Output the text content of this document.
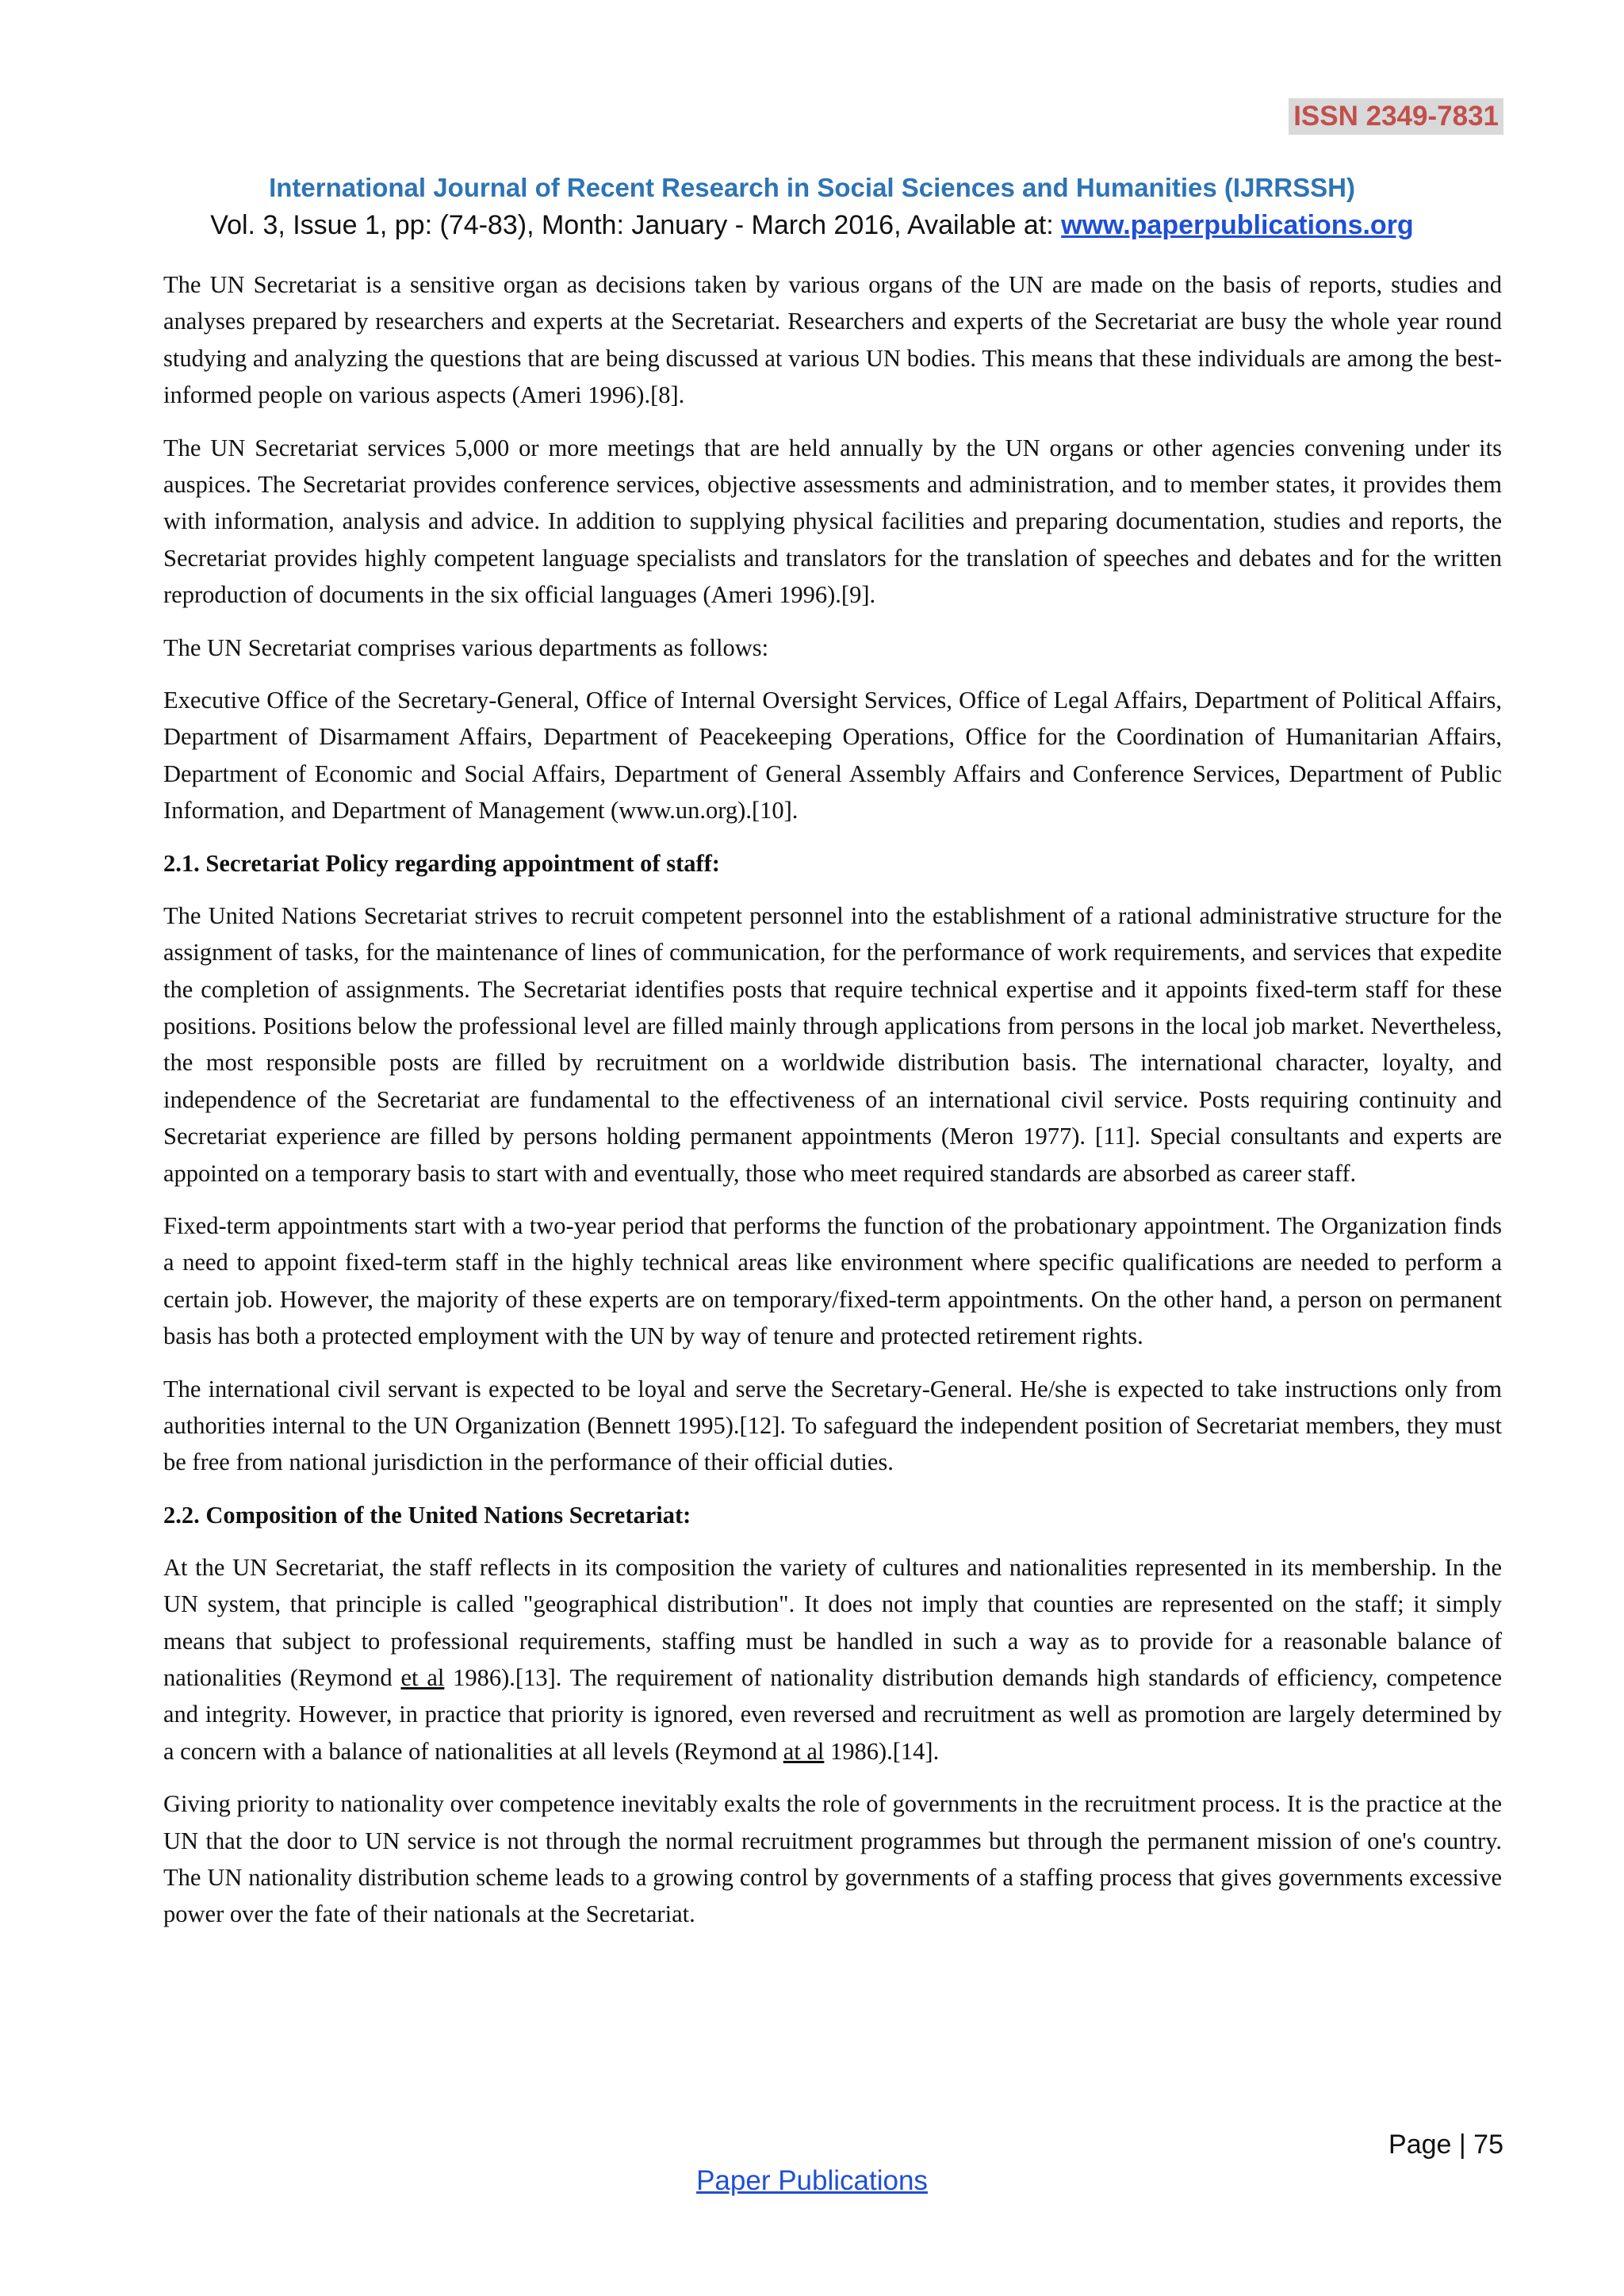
ISSN 2349-7831
International Journal of Recent Research in Social Sciences and Humanities (IJRRSSH)
Vol. 3, Issue 1, pp: (74-83), Month: January - March 2016, Available at: www.paperpublications.org

The UN Secretariat is a sensitive organ as decisions taken by various organs of the UN are made on the basis of reports, studies and analyses prepared by researchers and experts at the Secretariat. Researchers and experts of the Secretariat are busy the whole year round studying and analyzing the questions that are being discussed at various UN bodies. This means that these individuals are among the best-informed people on various aspects (Ameri 1996).[8].

The UN Secretariat services 5,000 or more meetings that are held annually by the UN organs or other agencies convening under its auspices. The Secretariat provides conference services, objective assessments and administration, and to member states, it provides them with information, analysis and advice. In addition to supplying physical facilities and preparing documentation, studies and reports, the Secretariat provides highly competent language specialists and translators for the translation of speeches and debates and for the written reproduction of documents in the six official languages (Ameri 1996).[9].

The UN Secretariat comprises various departments as follows:

Executive Office of the Secretary-General, Office of Internal Oversight Services, Office of Legal Affairs, Department of Political Affairs, Department of Disarmament Affairs, Department of Peacekeeping Operations, Office for the Coordination of Humanitarian Affairs, Department of Economic and Social Affairs, Department of General Assembly Affairs and Conference Services, Department of Public Information, and Department of Management (www.un.org).[10].

2.1. Secretariat Policy regarding appointment of staff:

The United Nations Secretariat strives to recruit competent personnel into the establishment of a rational administrative structure for the assignment of tasks, for the maintenance of lines of communication, for the performance of work requirements, and services that expedite the completion of assignments. The Secretariat identifies posts that require technical expertise and it appoints fixed-term staff for these positions. Positions below the professional level are filled mainly through applications from persons in the local job market. Nevertheless, the most responsible posts are filled by recruitment on a worldwide distribution basis. The international character, loyalty, and independence of the Secretariat are fundamental to the effectiveness of an international civil service. Posts requiring continuity and Secretariat experience are filled by persons holding permanent appointments (Meron 1977). [11]. Special consultants and experts are appointed on a temporary basis to start with and eventually, those who meet required standards are absorbed as career staff.

Fixed-term appointments start with a two-year period that performs the function of the probationary appointment. The Organization finds a need to appoint fixed-term staff in the highly technical areas like environment where specific qualifications are needed to perform a certain job. However, the majority of these experts are on temporary/fixed-term appointments. On the other hand, a person on permanent basis has both a protected employment with the UN by way of tenure and protected retirement rights.

The international civil servant is expected to be loyal and serve the Secretary-General. He/she is expected to take instructions only from authorities internal to the UN Organization (Bennett 1995).[12]. To safeguard the independent position of Secretariat members, they must be free from national jurisdiction in the performance of their official duties.

2.2. Composition of the United Nations Secretariat:

At the UN Secretariat, the staff reflects in its composition the variety of cultures and nationalities represented in its membership. In the UN system, that principle is called "geographical distribution". It does not imply that counties are represented on the staff; it simply means that subject to professional requirements, staffing must be handled in such a way as to provide for a reasonable balance of nationalities (Reymond et al 1986).[13]. The requirement of nationality distribution demands high standards of efficiency, competence and integrity. However, in practice that priority is ignored, even reversed and recruitment as well as promotion are largely determined by a concern with a balance of nationalities at all levels (Reymond at al 1986).[14].

Giving priority to nationality over competence inevitably exalts the role of governments in the recruitment process. It is the practice at the UN that the door to UN service is not through the normal recruitment programmes but through the permanent mission of one's country. The UN nationality distribution scheme leads to a growing control by governments of a staffing process that gives governments excessive power over the fate of their nationals at the Secretariat.

Page | 75
Paper Publications
